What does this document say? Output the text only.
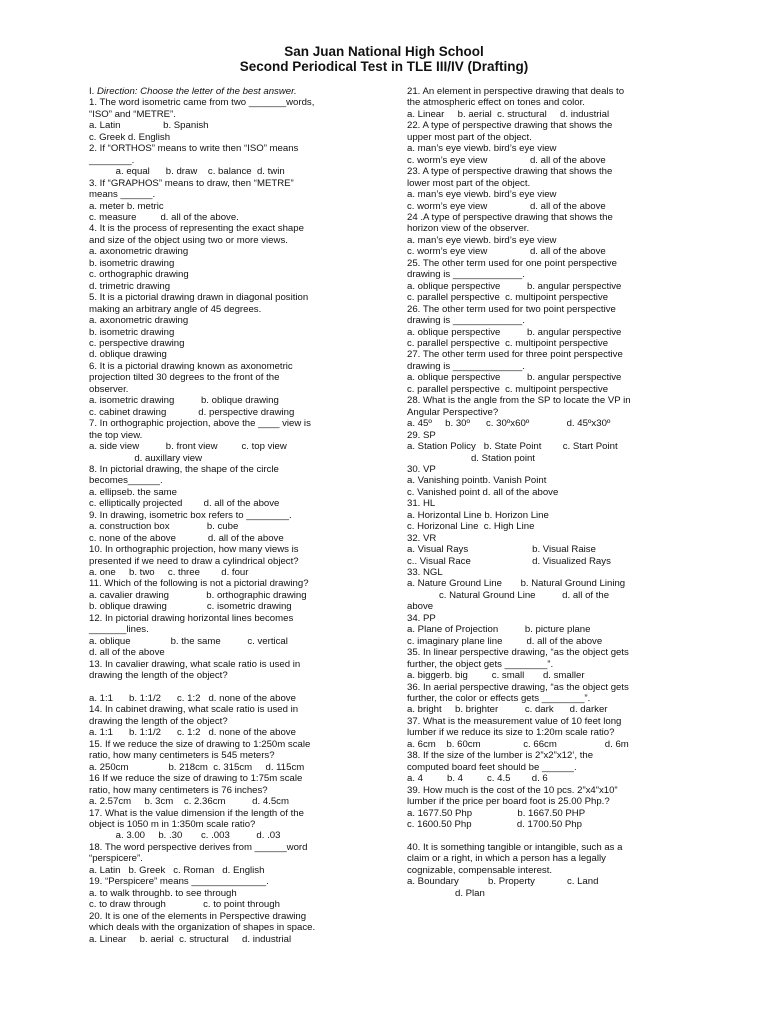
San Juan National High School
Second Periodical Test in TLE III/IV (Drafting)
I. Direction: Choose the letter of the best answer.
1. The word isometric came from two _______words,
“ISO” and “METRE”.
a. Latin                b. Spanish
c. Greek d. English
2. If “ORTHOS” means to write then “ISO” means
________.
a. equal      b. draw    c. balance  d. twin
3. If “GRAPHOS” means to draw, then “METRE”
means ______.
a. meter b. metric
c. measure         d. all of the above.
4. It is the process of representing the exact shape
and size of the object using two or more views.
a. axonometric drawing
b. isometric drawing
c. orthographic drawing
d. trimetric drawing
5. It is a pictorial drawing drawn in diagonal position
making an arbitrary angle of 45 degrees.
a. axonometric drawing
b. isometric drawing
c. perspective drawing
d. oblique drawing
6. It is a pictorial drawing known as axonometric
projection tilted 30 degrees to the front of the
observer.
a. isometric drawing          b. oblique drawing
c. cabinet drawing            d. perspective drawing
7. In orthographic projection, above the ____ view is
the top view.
a. side view          b. front view         c. top view
d. auxillary view
8. In pictorial drawing, the shape of the circle
becomes______.
a. ellipseb. the same
c. elliptically projected        d. all of the above
9. In drawing, isometric box refers to ________.
a. construction box              b. cube
c. none of the above            d. all of the above
10. In orthographic projection, how many views is
presented if we need to draw a cylindrical object?
a. one     b. two     c. three        d. four
11. Which of the following is not a pictorial drawing?
a. cavalier drawing              b. orthographic drawing
b. oblique drawing               c. isometric drawing
12. In pictorial drawing horizontal lines becomes
_______lines.
a. oblique               b. the same          c. vertical
d. all of the above
13. In cavalier drawing, what scale ratio is used in
drawing the length of the object?
a. 1:1      b. 1:1/2      c. 1:2   d. none of the above
14. In cabinet drawing, what scale ratio is used in
drawing the length of the object?
a. 1:1      b. 1:1/2      c. 1:2   d. none of the above
15. If we reduce the size of drawing to 1:250m scale
ratio, how many centimeters is 545 meters?
a. 250cm               b. 218cm  c. 315cm     d. 115cm
16 If we reduce the size of drawing to 1:75m scale
ratio, how many centimeters is 76 inches?
a. 2.57cm     b. 3cm    c. 2.36cm          d. 4.5cm
17. What is the value dimension if the length of the
object is 1050 m in 1:350m scale ratio?
a. 3.00     b. .30       c. .003          d. .03
18. The word perspective derives from ______word
“perspicere”.
a. Latin   b. Greek   c. Roman   d. English
19. “Perspicere” means ______________.
a. to walk throughb. to see through
c. to draw through              c. to point through
20. It is one of the elements in Perspective drawing
which deals with the organization of shapes in space.
a. Linear     b. aerial  c. structural     d. industrial
21. An element in perspective drawing that deals to
the atmospheric effect on tones and color.
a. Linear     b. aerial  c. structural     d. industrial
22. A type of perspective drawing that shows the
upper most part of the object.
a. man’s eye viewb. bird’s eye view
c. worm’s eye view                d. all of the above
23. A type of perspective drawing that shows the
lower most part of the object.
a. man’s eye viewb. bird’s eye view
c. worm’s eye view                d. all of the above
24 .A type of perspective drawing that shows the
horizon view of the observer.
a. man’s eye viewb. bird’s eye view
c. worm’s eye view                d. all of the above
25. The other term used for one point perspective
drawing is _____________.
a. oblique perspective          b. angular perspective
c. parallel perspective  c. multipoint perspective
26. The other term used for two point perspective
drawing is _____________.
a. oblique perspective          b. angular perspective
c. parallel perspective  c. multipoint perspective
27. The other term used for three point perspective
drawing is _____________.
a. oblique perspective          b. angular perspective
c. parallel perspective  c. multipoint perspective
28. What is the angle from the SP to locate the VP in
Angular Perspective?
a. 45º     b. 30º      c. 30ºx60º              d. 45ºx30º
29. SP
a. Station Policy   b. State Point        c. Start Point
d. Station point
30. VP
a. Vanishing pointb. Vanish Point
c. Vanished point d. all of the above
31. HL
a. Horizontal Line b. Horizon Line
c. Horizonal Line  c. High Line
32. VR
a. Visual Rays                        b. Visual Raise
c.. Visual Race                       d. Visualized Rays
33. NGL
a. Nature Ground Line       b. Natural Ground Lining
c. Natural Ground Line          d. all of the
above
34. PP
a. Plane of Projection          b. picture plane
c. imaginary plane line         d. all of the above
35. In linear perspective drawing, “as the object gets
further, the object gets ________”.
a. biggerb. big         c. small       d. smaller
36. In aerial perspective drawing, “as the object gets
further, the color or effects gets ________”.
a. bright     b. brighter          c. dark      d. darker
37. What is the measurement value of 10 feet long
lumber if we reduce its size to 1:20m scale ratio?
a. 6cm    b. 60cm                c. 66cm                  d. 6m
38. If the size of the lumber is 2”x2”x12’, the
computed board feet should be ______.
a. 4         b. 4         c. 4.5        d. 6
39. How much is the cost of the 10 pcs. 2”x4”x10”
lumber if the price per board foot is 25.00 Php.?
a. 1677.50 Php                 b. 1667.50 PHP
c. 1600.50 Php                 d. 1700.50 Php
40. It is something tangible or intangible, such as a
claim or a right, in which a person has a legally
cognizable, compensable interest.
a. Boundary           b. Property            c. Land
d. Plan
